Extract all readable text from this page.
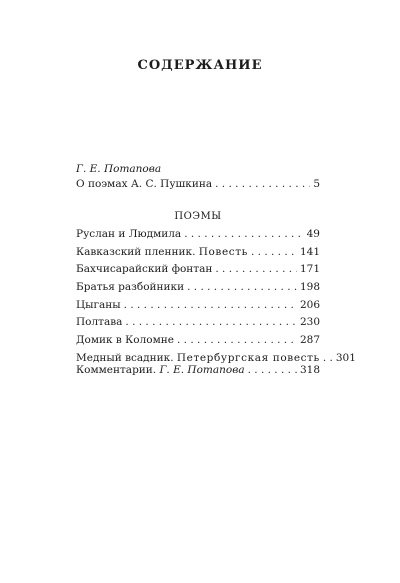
СОДЕРЖАНИЕ
Г. Е. Потапова
О поэмах А. С. Пушкина . . .	5
ПОЭМЫ
Руслан и Людмила . . .	49
Кавказский пленник. Повесть . . .	141
Бахчисарайский фонтан . . .	171
Братья разбойники . . .	198
Цыганы . . .	206
Полтава . . .	230
Домик в Коломне . . .	287
Медный всадник. Петербургская повесть . . . 301
Комментарии. Г. Е. Потапова . . .	318
